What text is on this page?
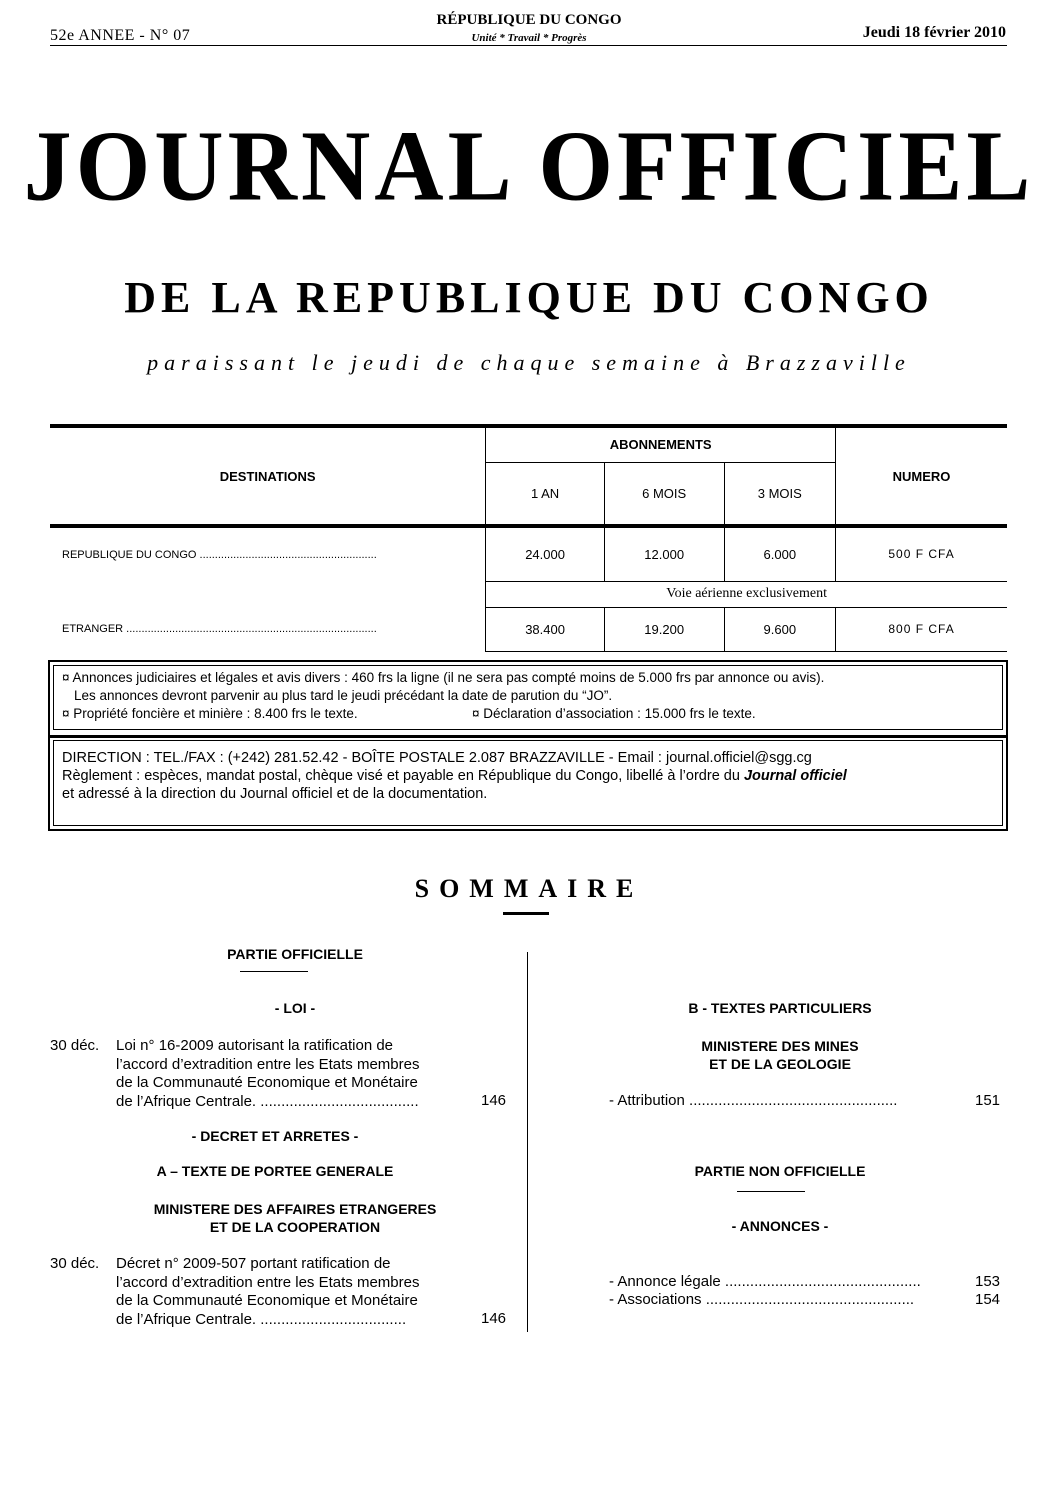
52e ANNEE - N° 07
RÉPUBLIQUE DU CONGO
Unité * Travail * Progrès	Jeudi 18 février 2010
JOURNAL OFFICIEL
DE LA REPUBLIQUE DU CONGO
paraissant le jeudi de chaque semaine à Brazzaville
DESTINATIONS	ABONNEMENTS			NUMERO
	1 AN	6 MOIS	3 MOIS	
REPUBLIQUE DU CONGO ..........................................................	24.000	12.000	6.000	500 F CFA
	Voie aérienne exclusivement			
ETRANGER ..................................................................................	38.400	19.200	9.600	800 F CFA
¤ Annonces judiciaires et légales et avis divers : 460 frs la ligne (il ne sera pas compté moins de 5.000 frs par annonce ou avis).
Les annonces devront parvenir au plus tard le jeudi précédant la date de parution du “JO”.
¤ Propriété foncière et minière : 8.400 frs le texte.	¤ Déclaration d’association : 15.000 frs le texte.
DIRECTION : TEL./FAX : (+242) 281.52.42 - BOÎTE POSTALE 2.087 BRAZZAVILLE - Email : journal.officiel@sgg.cg
Règlement : espèces, mandat postal, chèque visé et payable en République du Congo, libellé à l’ordre du Journal officiel
et adressé à la direction du Journal officiel et de la documentation.
SOMMAIRE
PARTIE OFFICIELLE
- LOI -
30 déc. Loi n° 16-2009 autorisant la ratification de
l’accord d’extradition entre les Etats membres
de la Communauté Economique et Monétaire
de l’Afrique Centrale. ......................................	146
- DECRET ET ARRETES -
A – TEXTE DE PORTEE GENERALE
MINISTERE DES AFFAIRES ETRANGERES
ET DE LA COOPERATION
30 déc. Décret n° 2009-507 portant ratification de
l’accord d’extradition entre les Etats membres
de la Communauté Economique et Monétaire
de l’Afrique Centrale. ...................................	146
B - TEXTES PARTICULIERS
MINISTERE DES MINES
ET DE LA GEOLOGIE
- Attribution ..................................................	151
PARTIE NON OFFICIELLE
- ANNONCES -
- Annonce légale ...............................................	153
- Associations ..................................................	154
